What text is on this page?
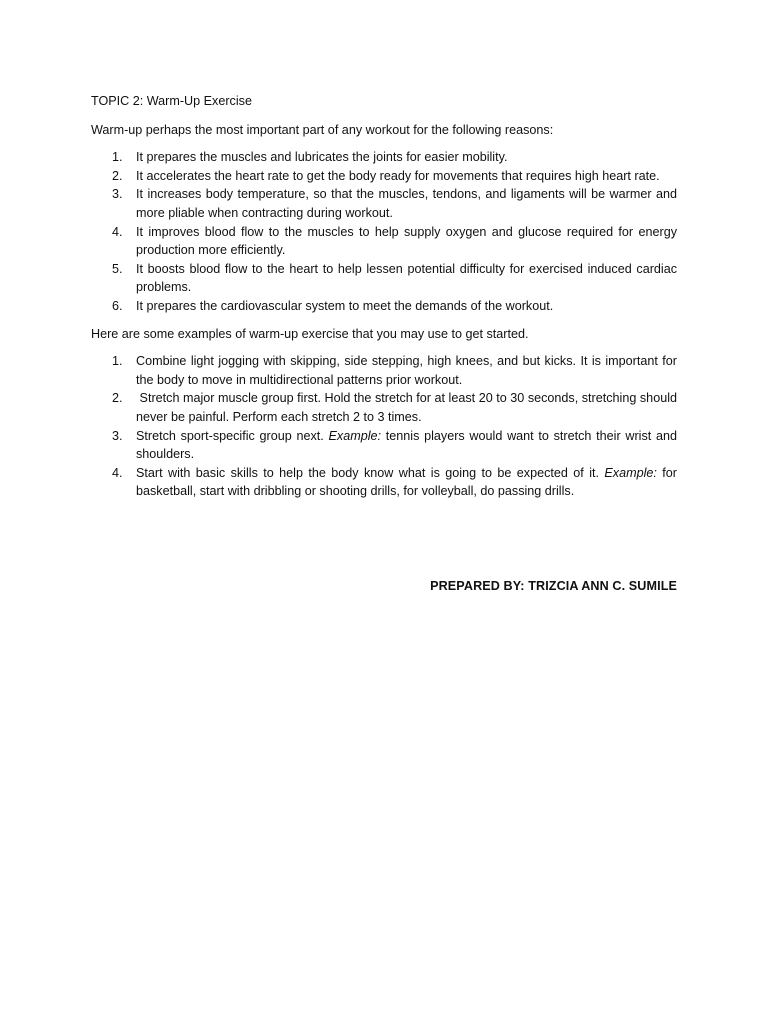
TOPIC 2: Warm-Up Exercise

Warm-up perhaps the most important part of any workout for the following reasons:

1. It prepares the muscles and lubricates the joints for easier mobility.
2. It accelerates the heart rate to get the body ready for movements that requires high heart rate.
3. It increases body temperature, so that the muscles, tendons, and ligaments will be warmer and more pliable when contracting during workout.
4. It improves blood flow to the muscles to help supply oxygen and glucose required for energy production more efficiently.
5. It boosts blood flow to the heart to help lessen potential difficulty for exercised induced cardiac problems.
6. It prepares the cardiovascular system to meet the demands of the workout.

Here are some examples of warm-up exercise that you may use to get started.

1. Combine light jogging with skipping, side stepping, high knees, and but kicks. It is important for the body to move in multidirectional patterns prior workout.
2. Stretch major muscle group first. Hold the stretch for at least 20 to 30 seconds, stretching should never be painful. Perform each stretch 2 to 3 times.
3. Stretch sport-specific group next. Example: tennis players would want to stretch their wrist and shoulders.
4. Start with basic skills to help the body know what is going to be expected of it. Example: for basketball, start with dribbling or shooting drills, for volleyball, do passing drills.
PREPARED BY: TRIZCIA ANN C. SUMILE
